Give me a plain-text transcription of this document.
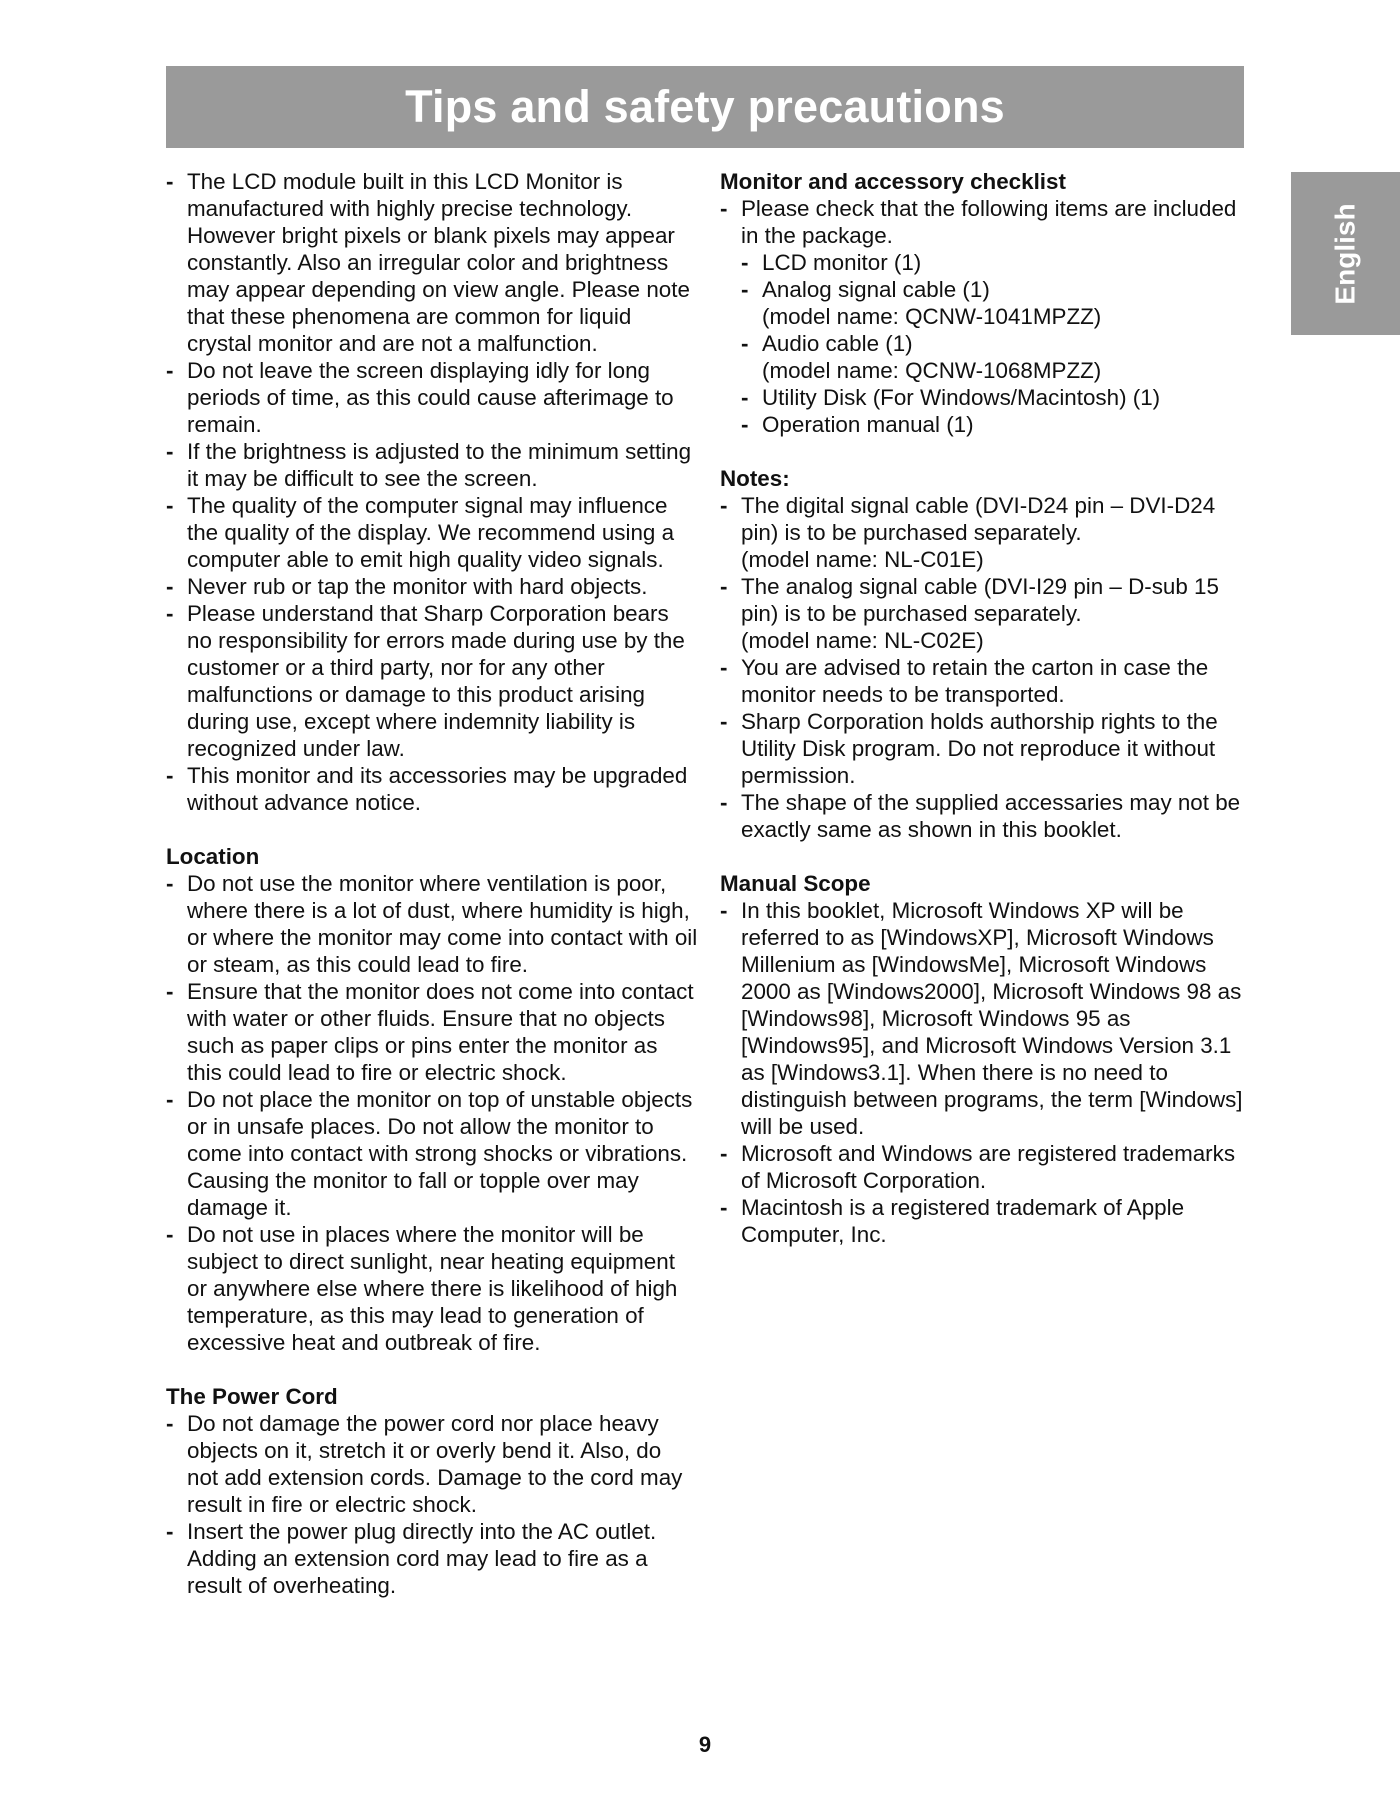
Tips and safety precautions
English
- The LCD module built in this LCD Monitor is manufactured with highly precise technology. However bright pixels or blank pixels may appear constantly. Also an irregular color and brightness may appear depending on view angle. Please note that these phenomena are common for liquid crystal monitor and are not a malfunction.
- Do not leave the screen displaying idly for long periods of time, as this could cause afterimage to remain.
- If the brightness is adjusted to the minimum setting it may be difficult to see the screen.
- The quality of the computer signal may influence the quality of the display. We recommend using a computer able to emit high quality video signals.
- Never rub or tap the monitor with hard objects.
- Please understand that Sharp Corporation bears no responsibility for errors made during use by the customer or a third party, nor for any other malfunctions or damage to this product arising during use, except where indemnity liability is recognized under law.
- This monitor and its accessories may be upgraded without advance notice.
Location
- Do not use the monitor where ventilation is poor, where there is a lot of dust, where humidity is high, or where the monitor may come into contact with oil or steam, as this could lead to fire.
- Ensure that the monitor does not come into contact with water or other fluids. Ensure that no objects such as paper clips or pins enter the monitor as this could lead to fire or electric shock.
- Do not place the monitor on top of unstable objects or in unsafe places. Do not allow the monitor to come into contact with strong shocks or vibrations. Causing the monitor to fall or topple over may damage it.
- Do not use in places where the monitor will be subject to direct sunlight, near heating equipment or anywhere else where there is likelihood of high temperature, as this may lead to generation of excessive heat and outbreak of fire.
The Power Cord
- Do not damage the power cord nor place heavy objects on it, stretch it or overly bend it. Also, do not add extension cords. Damage to the cord may result in fire or electric shock.
- Insert the power plug directly into the AC outlet. Adding an extension cord may lead to fire as a result of overheating.
Monitor and accessory checklist
- Please check that the following items are included in the package.
- LCD monitor (1)
- Analog signal cable (1)
(model name: QCNW-1041MPZZ)
- Audio cable (1)
(model name: QCNW-1068MPZZ)
- Utility Disk (For Windows/Macintosh) (1)
- Operation manual (1)
Notes:
- The digital signal cable (DVI-D24 pin – DVI-D24 pin) is to be purchased separately.
(model name: NL-C01E)
- The analog signal cable (DVI-I29 pin – D-sub 15 pin) is to be purchased separately.
(model name: NL-C02E)
- You are advised to retain the carton in case the monitor needs to be transported.
- Sharp Corporation holds authorship rights to the Utility Disk program. Do not reproduce it without permission.
- The shape of the supplied accessaries may not be exactly same as shown in this booklet.
Manual Scope
- In this booklet, Microsoft Windows XP will be referred to as [WindowsXP], Microsoft Windows Millenium as [WindowsMe], Microsoft Windows 2000 as [Windows2000], Microsoft Windows 98 as [Windows98], Microsoft Windows 95 as [Windows95], and Microsoft Windows Version 3.1 as [Windows3.1]. When there is no need to distinguish between programs, the term [Windows] will be used.
- Microsoft and Windows are registered trademarks of Microsoft Corporation.
- Macintosh is a registered trademark of Apple Computer, Inc.
9
